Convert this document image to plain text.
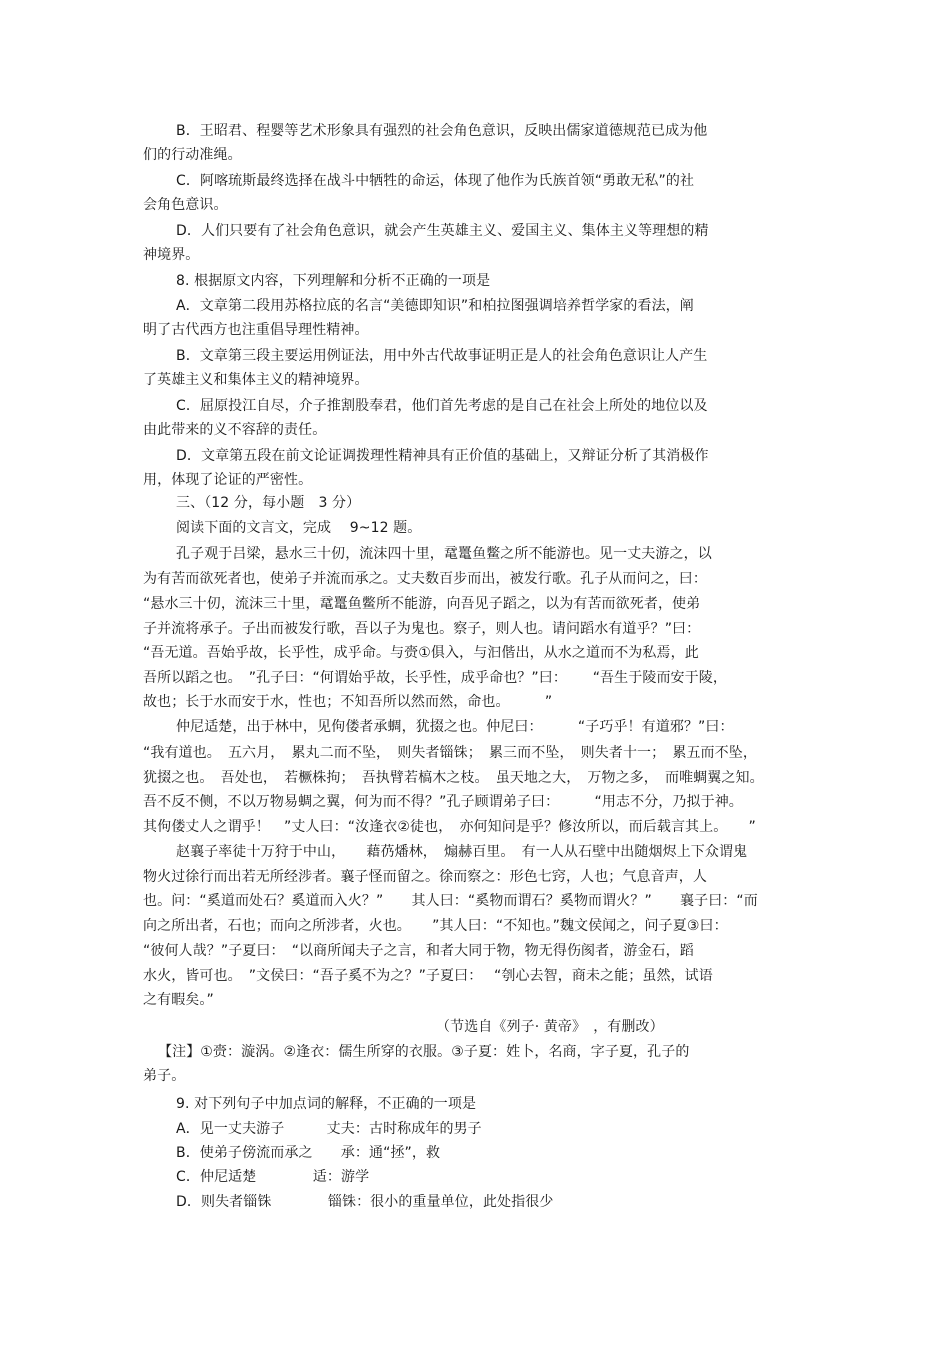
B．王昭君、程婴等艺术形象具有强烈的社会角色意识，反映出儒家道德规范已成为他

们的行动准绳。

C．阿喀琉斯最终选择在战斗中牺牲的命运，体现了他作为氏族首领“勇敢无私”的社

会角色意识。

D．人们只要有了社会角色意识，就会产生英雄主义、爱国主义、集体主义等理想的精

神境界。

8. 根据原文内容，下列理解和分析不正确的一项是

A．文章第二段用苏格拉底的名言“美德即知识”和柏拉图强调培养哲学家的看法，阐

明了古代西方也注重倡导理性精神。

B．文章第三段主要运用例证法，用中外古代故事证明正是人的社会角色意识让人产生

了英雄主义和集体主义的精神境界。

C．屈原投江自尽，介子推割股奉君，他们首先考虑的是自己在社会上所处的地位以及

由此带来的义不容辞的责任。

D．文章第五段在前文论证调拨理性精神具有正价值的基础上，又辩证分析了其消极作

用，体现了论证的严密性。

三、（12 分，每小题　3 分）

阅读下面的文言文，完成　 9~12 题。

孔子观于吕梁，悬水三十仞，流沫四十里，鼋鼍鱼鳖之所不能游也。见一丈夫游之，以

为有苦而欲死者也，使弟子并流而承之。丈夫数百步而出，被发行歌。孔子从而问之，曰：

“悬水三十仞，流沫三十里，鼋鼍鱼鳖所不能游，向吾见子蹈之，以为有苦而欲死者，使弟

子并流将承子。子出而被发行歌，吾以子为鬼也。察子，则人也。请问蹈水有道乎？”曰：

“吾无道。吾始乎故，长乎性，成乎命。与赍①俱入，与汩偕出，从水之道而不为私焉，此

吾所以蹈之也。　”孔子曰：“何谓始乎故，长乎性，成乎命也？”曰：　　 “吾生于陵而安于陵，

故也；长于水而安于水，性也；不知吾所以然而然，命也。　　　”

仲尼适楚，出于林中，见佝偻者承蜩，犹掇之也。仲尼曰：　　　“子巧乎！有道邪？”曰：

“我有道也。　五六月，　累丸二而不坠，　则失者锱铢；　累三而不坠，　则失者十一；　累五而不坠，

犹掇之也。　吾处也，　若橛株拘；　吾执臂若槁木之枝。　虽天地之大，　万物之多，　而唯蜩翼之知。

吾不反不侧，不以万物易蜩之翼，何为而不得？”孔子顾谓弟子曰：　　　“用志不分，乃拟于神。

其佝偻丈人之谓乎！　”丈人曰：“汝逢衣②徒也，　亦何知问是乎？修汝所以，而后载言其上。　　”

赵襄子率徒十万狩于中山，　　藉芿燔林，　煽赫百里。　有一人从石壁中出随烟烬上下众谓鬼

物火过徐行而出若无所经涉者。襄子怪而留之。徐而察之：形色七窍，人也；气息音声，人

也。问：“奚道而处石？奚道而入火？”　　其人曰：“奚物而谓石？奚物而谓火？”　　襄子曰：“而

向之所出者，石也；而向之所涉者，火也。　　”其人曰：“不知也。”魏文侯闻之，问子夏③曰：

“彼何人哉？”子夏曰：　“以商所闻夫子之言，和者大同于物，物无得伤阂者，游金石，蹈

水火，皆可也。　”文侯曰：“吾子奚不为之？”子夏曰：　 “刳心去智，商未之能；虽然，试语

之有暇矣。”

（节选自《列子· 黄帝》　，有删改）

【注】①赍：漩涡。②逢衣：儒生所穿的衣服。③子夏：姓卜，名商，字子夏，孔子的

弟子。

9. 对下列句子中加点词的解释，不正确的一项是

A．见一丈夫游子　　　丈夫：古时称成年的男子

B．使弟子傍流而承之　　承：通“拯”，救

C．仲尼适楚　　　　适：游学

D．则失者锱铢　　　　锱铢：很小的重量单位，此处指很少
